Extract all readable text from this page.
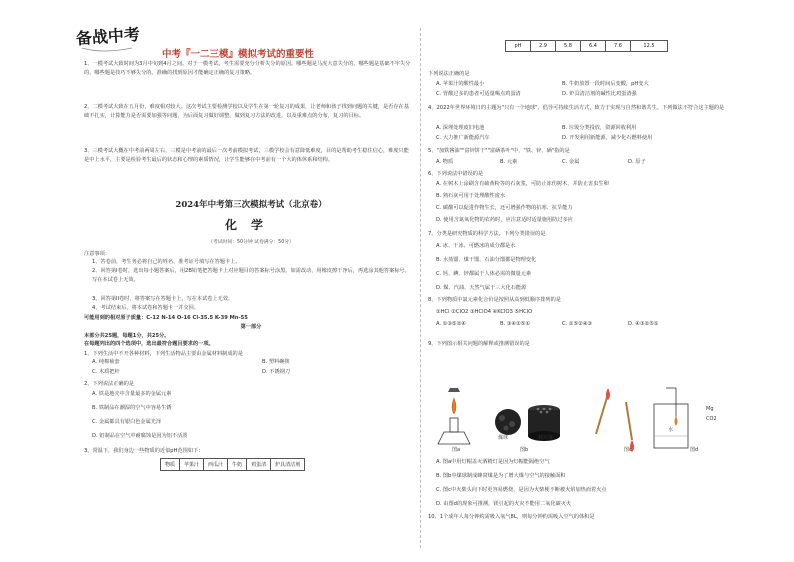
备战中考
中考『一二三模』模拟考试的重要性
1、一模考试大致时间为3月中旬到4月之间。对于一模考试，考生需要充分分析失分的原因。哪些题是马虎大意失分的，哪些题是基础不牢失分的，哪些题是技巧不够失分的。准确的找到原因才能确定正确的复习策略。
2、二模考试大致在五月份，难度相对较大。这次考试主要检测学校以及学生在第一轮复习的成果，让老师和孩子找到问题的关键，是否存在基础不扎实，计算能力是否需要加强等问题，为后面复习做好调整。做到复习方法的改进，以及重难点的分布，复习的目标。
3、三模考试大概在中考前两周左右，三模是中考前的最后一次考前模拟考试，三模学校会有意降低难度，目的是帮助考生稳住信心，难度只能是中上水平，主要是检验考生最后的状态和心理的素质情况，让学生能够在中考前有一个大的体休系和结构。
2024年中考第三次模拟考试（北京卷）
化学
（考试时间：50分钟 试卷满分：50分）
注意事项：
1、答卷前，考生务必将自己的姓名、准考证号填写在答题卡上。
2、回答第I卷时，选出每小题答案后，用2B铅笔把答题卡上对应题目的答案标号涂黑。如需改动，用橡皮擦干净后，再选涂其他答案标号。写在本试卷上无效。
3、回答第II卷时，将答案写在答题卡上，写在本试卷上无效。
4、考试结束后，将本试卷和答题卡一并交回。
可能用到的相对原子质量：C-12 N-14 O-16 Cl-35.5 K-39 Mn-55
第一部分
本部分共25题，每题1分，共25分。
在每题列出的四个选项中，选出最符合题目要求的一项。
1、下列生活中不开各种材料，下列生活物品主要由金属材料制成的是
A. 纯棉袖套	B. 塑料碗筷
C. 木质把杆	D. 不锈钢刀
2、下列说法正确的是
A. 铁是地壳中含量最多的金属元素
B. 铁制品在潮湿的空气中容易生锈
C. 金属都具有银白色金属光泽
D. 铝制品在空气中耐腐蚀是因为铝不活泼
3、常温下，我们身边一些物质的近似pH范围如下：
物质	苹果汁	西瓜汁	牛奶	鸡蛋清	炉具清洁剂
pH	2.9	5.8	6.4	7.6	12.5
下列说法正确的是
A. 苹果汁的酸性最小	B. 牛奶放置一段时间后变酸，pH变大
C. 胃酸过多的患者可适量喝点鸡蛋清	D. 炉具清洁剂的碱性比鸡蛋清强
4、2022年世界环境日的主题为"只有一个地球"，倡导可持续生活方式，致力于实现与自然和谐共生。下列做法不符合这主题的是
A. 深埋处理废旧电池	B. 垃圾分类投放，资源回收利用
C. 大力推广新能源汽车	D. 开发利用新能源，减少化石燃料使用
5、"加铁酱油""富锌饼干""富硒茶叶"中，"铁、锌、硒"指的是
A. 物质	B. 元素	C. 金属	D. 原子
6、下列说法中错误的是
A. 在树木上涂刷含有硫黄粉等的石灰浆，可防止冻伤树木，并防止害虫生卵
B. 熟石灰可用于处理酸性废水
C. 碳酸可以促进作物生长，还可增强作物的抗寒、抗旱能力
D. 使用含氮氧化物的农药时，应注意适时适量施用防过多应
7、分类是研究物质的科学方法。下列分类错误的是
A. 冰、干冰、可燃冰的成分都是水
B. 水蒸馏、煤干馏、石油分馏都是物理变化
C. 钙、碘、锌都属于人体必需的微量元素
D. 煤、汽油、天然气属于三大化石能源
8、下列物质中氯元素化合价是按照从高到低顺序排列的是
①HCl ②ClO2 ③HClO4 ④KClO3 ⑤HClO
A. ①③⑤②④	B. ③④②⑤①	C. ①⑤②④③	D. ④③②⑤①
9、下列图示相关问题的解释或推测错误的是
图a
煤球	蜂窝煤
图b	图c
水
图d
Mg
CO2
A. 图a中用灯帽盖灭酒精灯是因为灯帽能隔绝空气
B. 图b中煤球制成蜂窝煤是为了增大煤与空气的接触面积
C. 图c中火柴头向下时更容易燃烧，是因为火柴梗不断被火焰加热而着火点
D. 由图d的现象可推测，镁引起的火灾不能用二氧化碳灭火
10、1个成年人每分钟约需吸入氧气8L，则每分钟约需吸入空气的体积是
